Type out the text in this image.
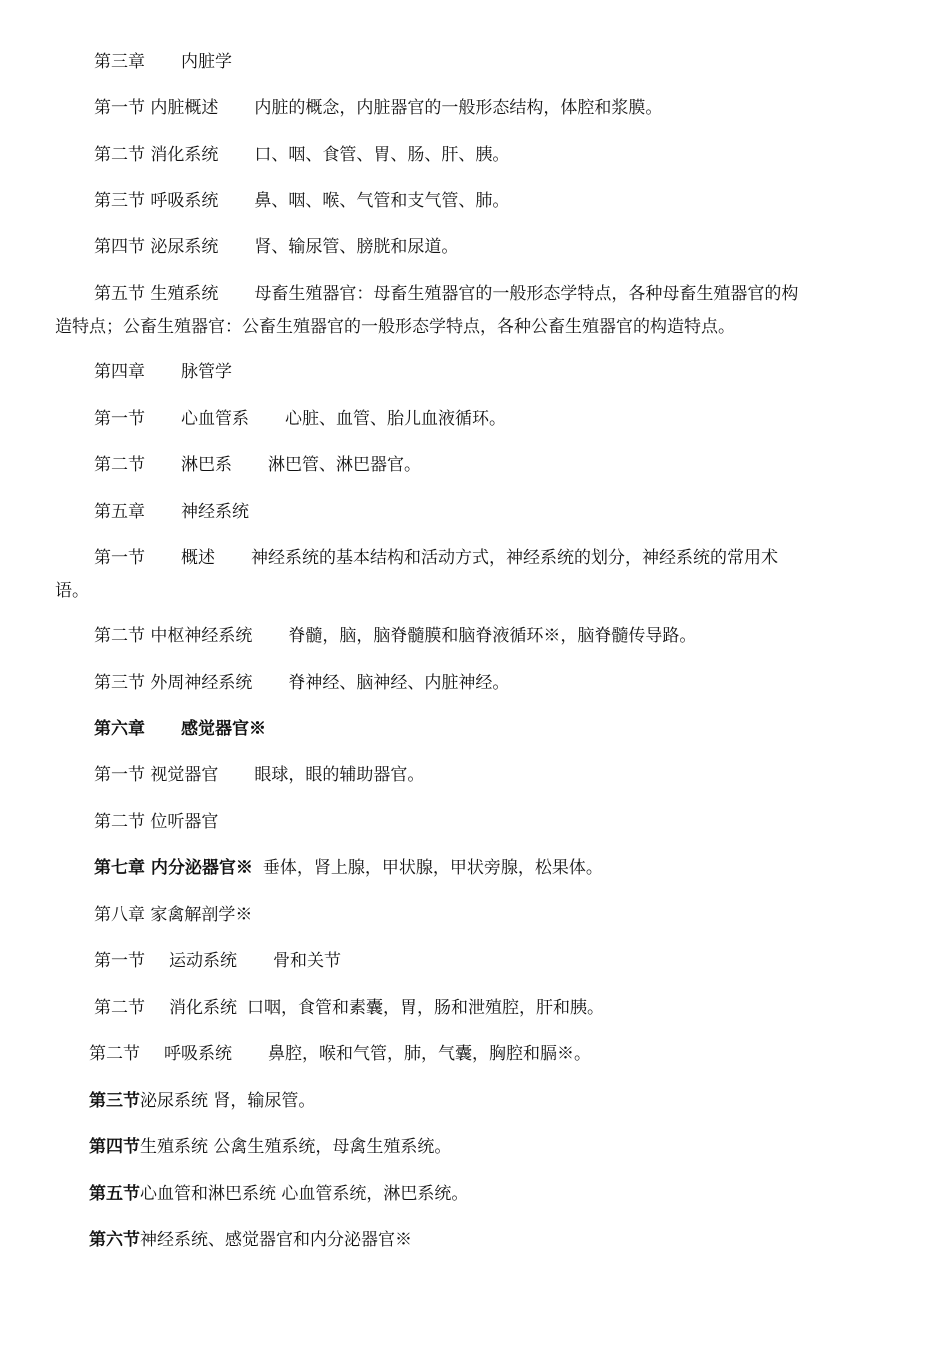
第三章 内脏学
第一节 内脏概述 内脏的概念，内脏器官的一般形态结构，体腔和浆膜。
第二节 消化系统 口、咽、食管、胃、肠、肝、胰。
第三节 呼吸系统 鼻、咽、喉、气管和支气管、肺。
第四节 泌尿系统 肾、输尿管、膀胱和尿道。
第五节 生殖系统 母畜生殖器官：母畜生殖器官的一般形态学特点，各种母畜生殖器官的构
造特点；公畜生殖器官：公畜生殖器官的一般形态学特点，各种公畜生殖器官的构造特点。
第四章 脉管学
第一节 心血管系 心脏、血管、胎儿血液循环。
第二节 淋巴系 淋巴管、淋巴器官。
第五章 神经系统
第一节 概述 神经系统的基本结构和活动方式，神经系统的划分，神经系统的常用术
语。
第二节 中枢神经系统 脊髓，脑，脑脊髓膜和脑脊液循环※，脑脊髓传导路。
第三节 外周神经系统 脊神经、脑神经、内脏神经。
第六章 感觉器官※
第一节 视觉器官 眼球，眼的辅助器官。
第二节 位听器官
第七章 内分泌器官※ 垂体，肾上腺，甲状腺，甲状旁腺，松果体。
第八章 家禽解剖学※
第一节 运动系统 骨和关节
第二节 消化系统 口咽，食管和素囊，胃，肠和泄殖腔，肝和胰。
第二节 呼吸系统 鼻腔，喉和气管，肺，气囊，胸腔和膈※。
第三节泌尿系统 肾，输尿管。
第四节生殖系统 公禽生殖系统，母禽生殖系统。
第五节心血管和淋巴系统 心血管系统，淋巴系统。
第六节神经系统、感觉器官和内分泌器官※
